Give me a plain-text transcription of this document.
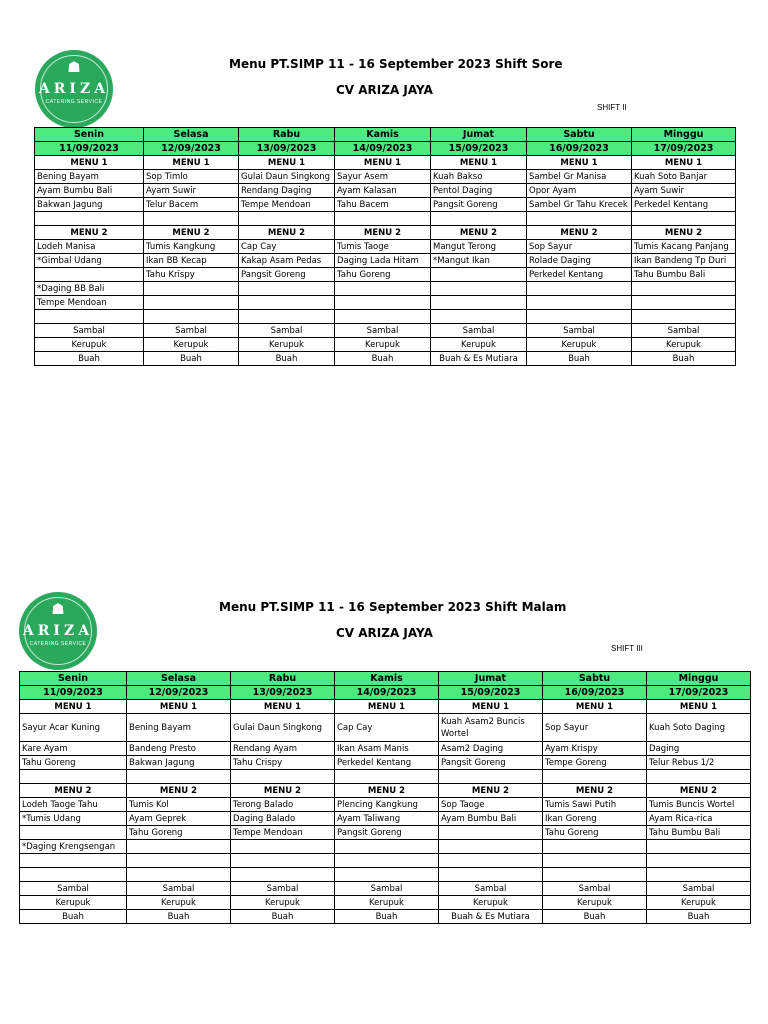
☗
ARIZA
CATERING SERVICE
Menu PT.SIMP 11 - 16 September 2023 Shift Sore
CV ARIZA JAYA
SHIFT II
Senin	Selasa	Rabu	Kamis	Jumat	Sabtu	Minggu
11/09/2023	12/09/2023	13/09/2023	14/09/2023	15/09/2023	16/09/2023	17/09/2023
MENU 1	MENU 1	MENU 1	MENU 1	MENU 1	MENU 1	MENU 1
Bening Bayam	Sop Timlo	Gulai Daun Singkong	Sayur Asem	Kuah Bakso	Sambel Gr Manisa	Kuah Soto Banjar
Ayam Bumbu Bali	Ayam Suwir	Rendang Daging	Ayam Kalasan	Pentol Daging	Opor Ayam	Ayam Suwir
Bakwan Jagung	Telur Bacem	Tempe Mendoan	Tahu Bacem	Pangsit Goreng	Sambel Gr Tahu Krecek	Perkedel Kentang

MENU 2	MENU 2	MENU 2	MENU 2	MENU 2	MENU 2	MENU 2
Lodeh Manisa	Tumis Kangkung	Cap Cay	Tumis Taoge	Mangut Terong	Sop Sayur	Tumis Kacang Panjang
*Gimbal Udang	Ikan BB Kecap	Kakap Asam Pedas	Daging Lada Hitam	*Mangut Ikan	Rolade Daging	Ikan Bandeng Tp Duri
	Tahu Krispy	Pangsit Goreng	Tahu Goreng		Perkedel Kentang	Tahu Bumbu Bali
*Daging BB Bali						
Tempe Mendoan						

Sambal	Sambal	Sambal	Sambal	Sambal	Sambal	Sambal
Kerupuk	Kerupuk	Kerupuk	Kerupuk	Kerupuk	Kerupuk	Kerupuk
Buah	Buah	Buah	Buah	Buah & Es Mutiara	Buah	Buah
☗
ARIZA
CATERING SERVICE
Menu PT.SIMP 11 - 16 September 2023 Shift Malam
CV ARIZA JAYA
SHIFT III
Senin	Selasa	Rabu	Kamis	Jumat	Sabtu	Minggu
11/09/2023	12/09/2023	13/09/2023	14/09/2023	15/09/2023	16/09/2023	17/09/2023
MENU 1	MENU 1	MENU 1	MENU 1	MENU 1	MENU 1	MENU 1
Sayur Acar Kuning	Bening Bayam	Gulai Daun Singkong	Cap Cay	Kuah Asam2 Buncis Wortel	Sop Sayur	Kuah Soto Daging
Kare Ayam	Bandeng Presto	Rendang Ayam	Ikan Asam Manis	Asam2 Daging	Ayam Krispy	Daging
Tahu Goreng	Bakwan Jagung	Tahu Crispy	Perkedel Kentang	Pangsit Goreng	Tempe Goreng	Telur Rebus 1/2

MENU 2	MENU 2	MENU 2	MENU 2	MENU 2	MENU 2	MENU 2
Lodeh Taoge Tahu	Tumis Kol	Terong Balado	Plencing Kangkung	Sop Taoge	Tumis Sawi Putih	Tumis Buncis Wortel
*Tumis Udang	Ayam Geprek	Daging Balado	Ayam Taliwang	Ayam Bumbu Bali	Ikan Goreng	Ayam Rica-rica
	Tahu Goreng	Tempe Mendoan	Pangsit Goreng		Tahu Goreng	Tahu Bumbu Bali
*Daging Krengsengan						

Sambal	Sambal	Sambal	Sambal	Sambal	Sambal	Sambal
Kerupuk	Kerupuk	Kerupuk	Kerupuk	Kerupuk	Kerupuk	Kerupuk
Buah	Buah	Buah	Buah	Buah & Es Mutiara	Buah	Buah
